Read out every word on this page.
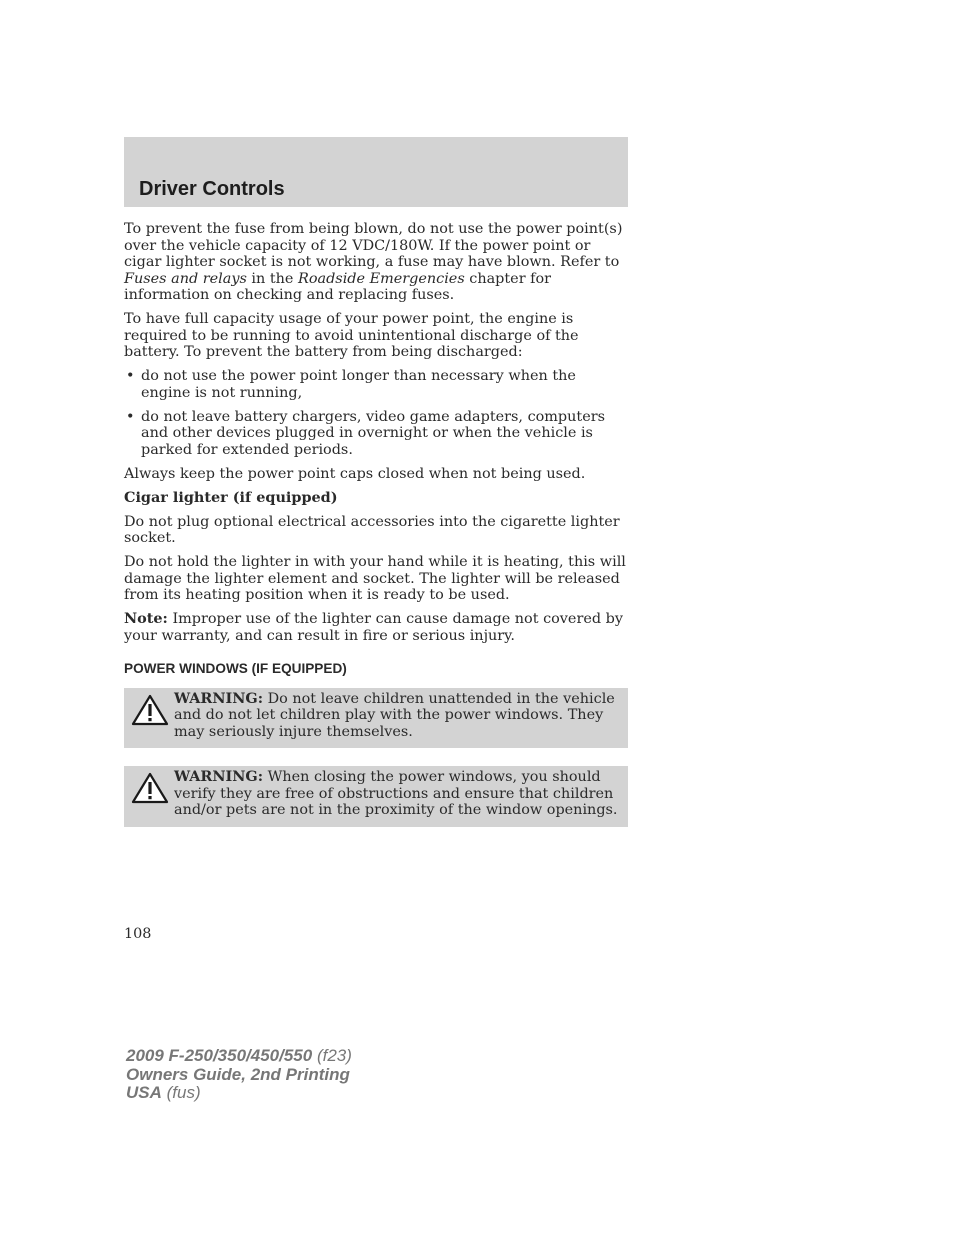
Driver Controls

To prevent the fuse from being blown, do not use the power point(s) over the vehicle capacity of 12 VDC/180W. If the power point or cigar lighter socket is not working, a fuse may have blown. Refer to Fuses and relays in the Roadside Emergencies chapter for information on checking and replacing fuses.

To have full capacity usage of your power point, the engine is required to be running to avoid unintentional discharge of the battery. To prevent the battery from being discharged:

• do not use the power point longer than necessary when the engine is not running,
• do not leave battery chargers, video game adapters, computers and other devices plugged in overnight or when the vehicle is parked for extended periods.

Always keep the power point caps closed when not being used.

Cigar lighter (if equipped)

Do not plug optional electrical accessories into the cigarette lighter socket.

Do not hold the lighter in with your hand while it is heating, this will damage the lighter element and socket. The lighter will be released from its heating position when it is ready to be used.

Note: Improper use of the lighter can cause damage not covered by your warranty, and can result in fire or serious injury.

POWER WINDOWS (IF EQUIPPED)
WARNING: Do not leave children unattended in the vehicle and do not let children play with the power windows. They may seriously injure themselves.
WARNING: When closing the power windows, you should verify they are free of obstructions and ensure that children and/or pets are not in the proximity of the window openings.
108
2009 F-250/350/450/550 (f23)
Owners Guide, 2nd Printing
USA (fus)
